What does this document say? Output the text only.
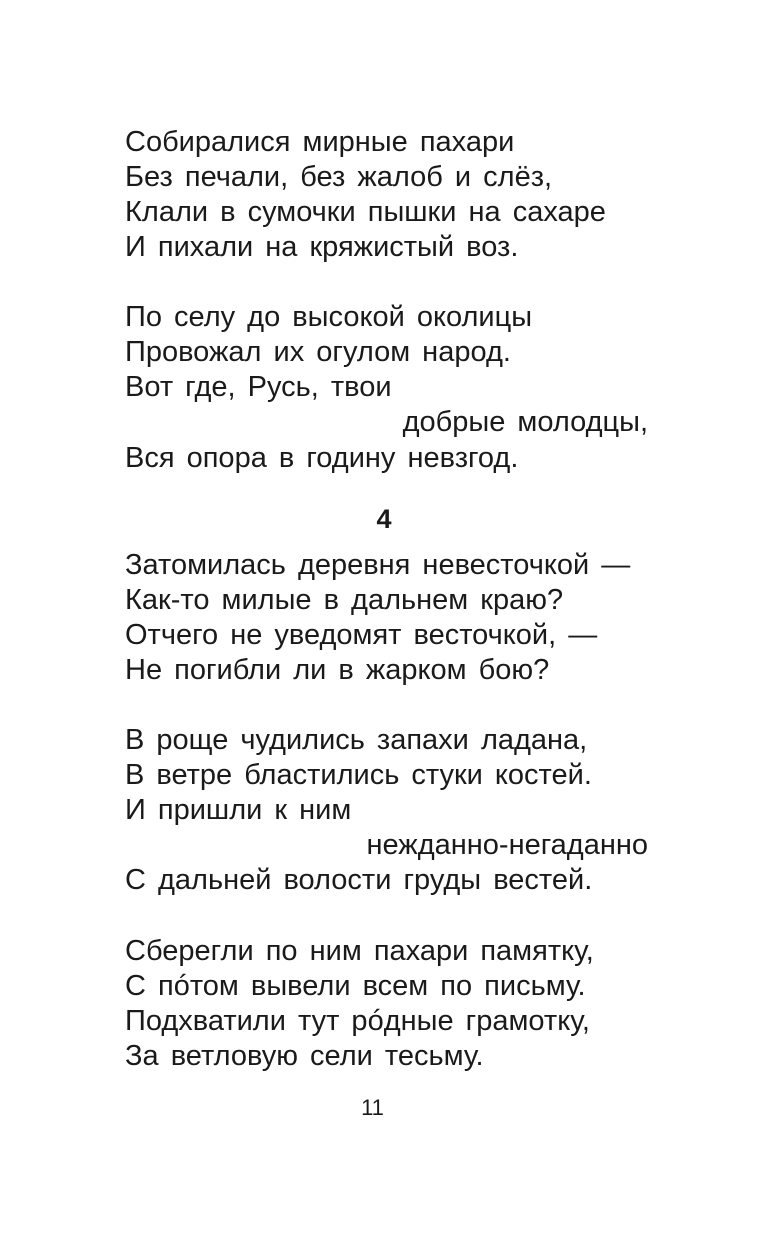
Собиралися мирные пахари
Без печали, без жалоб и слёз,
Клали в сумочки пышки на сахаре
И пихали на кряжистый воз.
По селу до высокой околицы
Провожал их огулом народ.
Вот где, Русь, твои
добрые молодцы,
Вся опора в годину невзгод.
4
Затомилась деревня невесточкой —
Как-то милые в дальнем краю?
Отчего не уведомят весточкой, —
Не погибли ли в жарком бою?
В роще чудились запахи ладана,
В ветре бластились стуки костей.
И пришли к ним
нежданно-негаданно
С дальней волости груды вестей.
Сберегли по ним пахари памятку,
С пóтом вывели всем по письму.
Подхватили тут рóдные грамотку,
За ветловую сели тесьму.
11
